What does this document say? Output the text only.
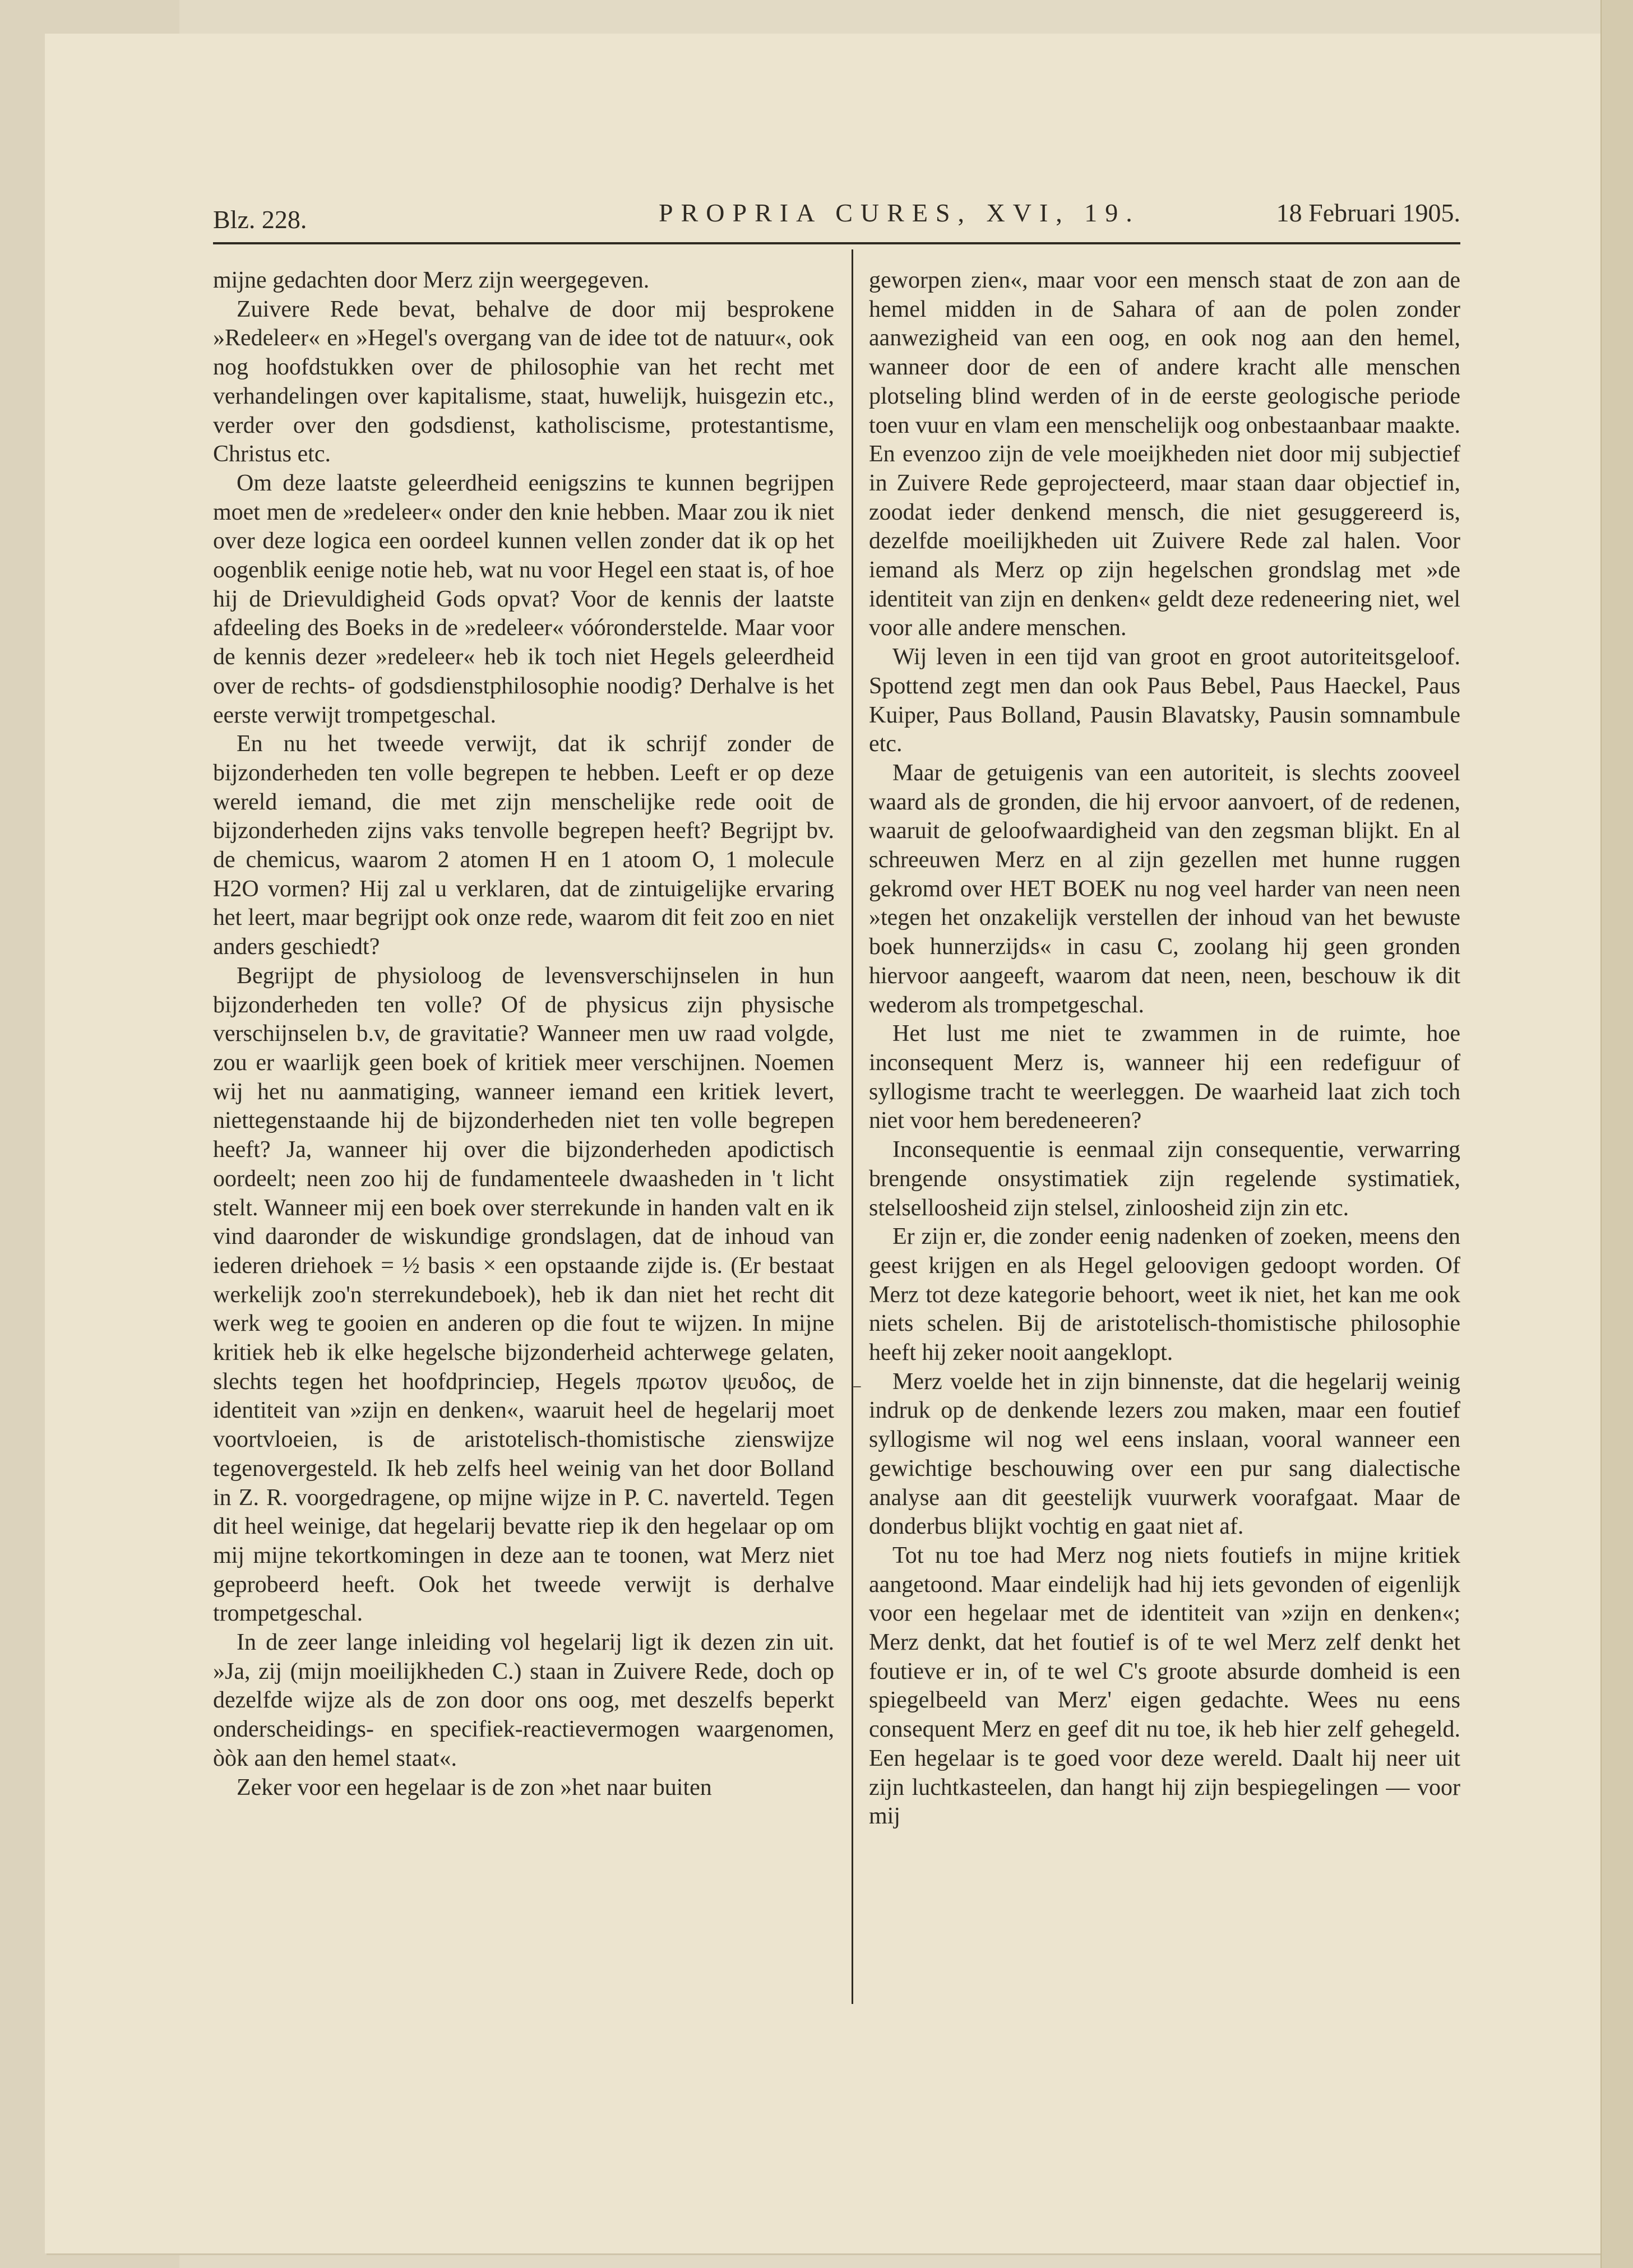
Blz. 228.	PROPRIA CURES, XVI, 19.	18 Februari 1905.

mijne gedachten door Merz zijn weergegeven.

Zuivere Rede bevat, behalve de door mij besprokene »Redeleer« en »Hegel's overgang van de idee tot de natuur«, ook nog hoofdstukken over de philosophie van het recht met verhandelingen over kapitalisme, staat, huwelijk, huisgezin etc., verder over den godsdienst, katholiscisme, protestantisme, Christus etc.

Om deze laatste geleerdheid eenigszins te kunnen begrijpen moet men de »redeleer« onder den knie hebben. Maar zou ik niet over deze logica een oordeel kunnen vellen zonder dat ik op het oogenblik eenige notie heb, wat nu voor Hegel een staat is, of hoe hij de Drievuldigheid Gods opvat? Voor de kennis der laatste afdeeling des Boeks in de »redeleer« vóóronderstelde. Maar voor de kennis dezer »redeleer« heb ik toch niet Hegels geleerdheid over de rechts- of godsdienstphilosophie noodig? Derhalve is het eerste verwijt trompetgeschal.

En nu het tweede verwijt, dat ik schrijf zonder de bijzonderheden ten volle begrepen te hebben. Leeft er op deze wereld iemand, die met zijn menschelijke rede ooit de bijzonderheden zijns vaks tenvolle begrepen heeft? Begrijpt bv. de chemicus, waarom 2 atomen H en 1 atoom O, 1 molecule H2O vormen? Hij zal u verklaren, dat de zintuigelijke ervaring het leert, maar begrijpt ook onze rede, waarom dit feit zoo en niet anders geschiedt?

Begrijpt de physioloog de levensverschijnselen in hun bijzonderheden ten volle? Of de physicus zijn physische verschijnselen b.v, de gravitatie? Wanneer men uw raad volgde, zou er waarlijk geen boek of kritiek meer verschijnen. Noemen wij het nu aanmatiging, wanneer iemand een kritiek levert, niettegenstaande hij de bijzonderheden niet ten volle begrepen heeft? Ja, wanneer hij over die bijzonderheden apodictisch oordeelt; neen zoo hij de fundamenteele dwaasheden in 't licht stelt. Wanneer mij een boek over sterrekunde in handen valt en ik vind daaronder de wiskundige grondslagen, dat de inhoud van iederen driehoek = ½ basis × een opstaande zijde is. (Er bestaat werkelijk zoo'n sterrekundeboek), heb ik dan niet het recht dit werk weg te gooien en anderen op die fout te wijzen. In mijne kritiek heb ik elke hegelsche bijzonderheid achterwege gelaten, slechts tegen het hoofdprinciep, Hegels πρωτον ψευδος, de identiteit van »zijn en denken«, waaruit heel de hegelarij moet voortvloeien, is de aristotelisch-thomistische zienswijze tegenovergesteld. Ik heb zelfs heel weinig van het door Bolland in Z. R. voorgedragene, op mijne wijze in P. C. naverteld. Tegen dit heel weinige, dat hegelarij bevatte riep ik den hegelaar op om mij mijne tekortkomingen in deze aan te toonen, wat Merz niet geprobeerd heeft. Ook het tweede verwijt is derhalve trompetgeschal.

In de zeer lange inleiding vol hegelarij ligt ik dezen zin uit. »Ja, zij (mijn moeilijkheden C.) staan in Zuivere Rede, doch op dezelfde wijze als de zon door ons oog, met deszelfs beperkt onderscheidings- en specifiek-reactievermogen waargenomen, òòk aan den hemel staat«.

Zeker voor een hegelaar is de zon »het naar buiten

⁻

geworpen zien«, maar voor een mensch staat de zon aan de hemel midden in de Sahara of aan de polen zonder aanwezigheid van een oog, en ook nog aan den hemel, wanneer door de een of andere kracht alle menschen plotseling blind werden of in de eerste geologische periode toen vuur en vlam een menschelijk oog onbestaanbaar maakte. En evenzoo zijn de vele moeijkheden niet door mij subjectief in Zuivere Rede geprojecteerd, maar staan daar objectief in, zoodat ieder denkend mensch, die niet gesuggereerd is, dezelfde moeilijkheden uit Zuivere Rede zal halen. Voor iemand als Merz op zijn hegelschen grondslag met »de identiteit van zijn en denken« geldt deze redeneering niet, wel voor alle andere menschen.

Wij leven in een tijd van groot en groot autoriteitsgeloof. Spottend zegt men dan ook Paus Bebel, Paus Haeckel, Paus Kuiper, Paus Bolland, Pausin Blavatsky, Pausin somnambule etc.

Maar de getuigenis van een autoriteit, is slechts zooveel waard als de gronden, die hij ervoor aanvoert, of de redenen, waaruit de geloofwaardigheid van den zegsman blijkt. En al schreeuwen Merz en al zijn gezellen met hunne ruggen gekromd over HET BOEK nu nog veel harder van neen neen »tegen het onzakelijk verstellen der inhoud van het bewuste boek hunnerzijds« in casu C, zoolang hij geen gronden hiervoor aangeeft, waarom dat neen, neen, beschouw ik dit wederom als trompetgeschal.

Het lust me niet te zwammen in de ruimte, hoe inconsequent Merz is, wanneer hij een redefiguur of syllogisme tracht te weerleggen. De waarheid laat zich toch niet voor hem beredeneeren?

Inconsequentie is eenmaal zijn consequentie, verwarring brengende onsystimatiek zijn regelende systimatiek, stelselloosheid zijn stelsel, zinloosheid zijn zin etc.

Er zijn er, die zonder eenig nadenken of zoeken, meens den geest krijgen en als Hegel geloovigen gedoopt worden. Of Merz tot deze kategorie behoort, weet ik niet, het kan me ook niets schelen. Bij de aristotelisch-thomistische philosophie heeft hij zeker nooit aangeklopt.

Merz voelde het in zijn binnenste, dat die hegelarij weinig indruk op de denkende lezers zou maken, maar een foutief syllogisme wil nog wel eens inslaan, vooral wanneer een gewichtige beschouwing over een pur sang dialectische analyse aan dit geestelijk vuurwerk voorafgaat. Maar de donderbus blijkt vochtig en gaat niet af.

Tot nu toe had Merz nog niets foutiefs in mijne kritiek aangetoond. Maar eindelijk had hij iets gevonden of eigenlijk voor een hegelaar met de identiteit van »zijn en denken«; Merz denkt, dat het foutief is of te wel Merz zelf denkt het foutieve er in, of te wel C's groote absurde domheid is een spiegelbeeld van Merz' eigen gedachte. Wees nu eens consequent Merz en geef dit nu toe, ik heb hier zelf gehegeld. Een hegelaar is te goed voor deze wereld. Daalt hij neer uit zijn luchtkasteelen, dan hangt hij zijn bespiegelingen — voor mij
